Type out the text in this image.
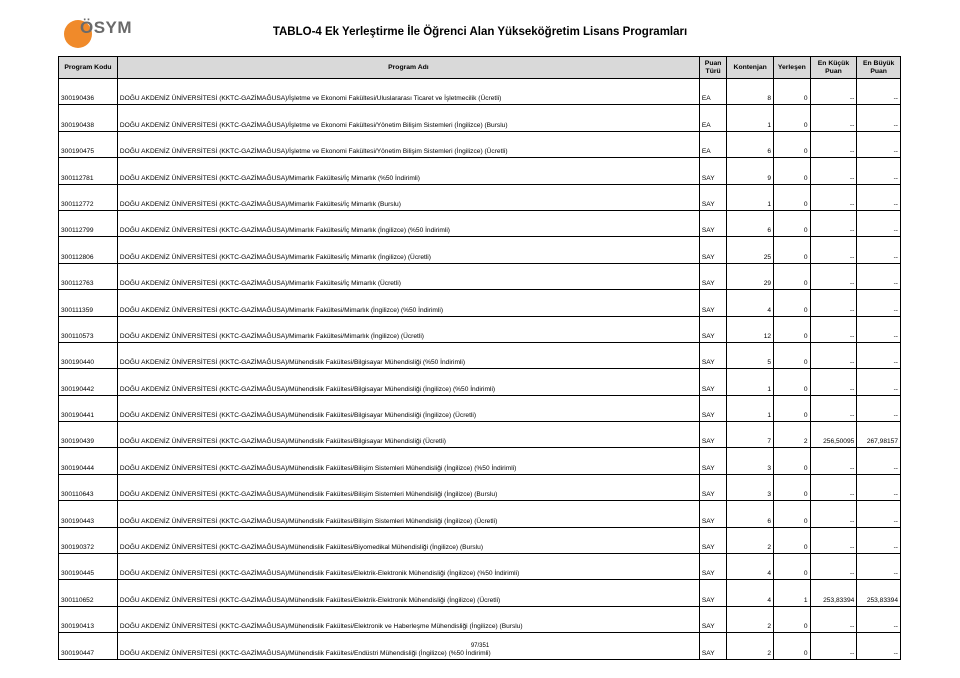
ÖSYM	TABLO-4 Ek Yerleştirme İle Öğrenci Alan Yükseköğretim Lisans Programları
Program Kodu	Program Adı	Puan Türü	Kontenjan	Yerleşen	En Küçük Puan	En Büyük Puan
300190436	DOĞU AKDENİZ ÜNİVERSİTESİ (KKTC-GAZİMAĞUSA)/İşletme ve Ekonomi Fakültesi/Uluslararası Ticaret ve İşletmecilik (Ücretli)	EA	8	0	--	--
300190438	DOĞU AKDENİZ ÜNİVERSİTESİ (KKTC-GAZİMAĞUSA)/İşletme ve Ekonomi Fakültesi/Yönetim Bilişim Sistemleri (İngilizce) (Burslu)	EA	1	0	--	--
300190475	DOĞU AKDENİZ ÜNİVERSİTESİ (KKTC-GAZİMAĞUSA)/İşletme ve Ekonomi Fakültesi/Yönetim Bilişim Sistemleri (İngilizce) (Ücretli)	EA	6	0	--	--
300112781	DOĞU AKDENİZ ÜNİVERSİTESİ (KKTC-GAZİMAĞUSA)/Mimarlık Fakültesi/İç Mimarlık (%50 İndirimli)	SAY	9	0	--	--
300112772	DOĞU AKDENİZ ÜNİVERSİTESİ (KKTC-GAZİMAĞUSA)/Mimarlık Fakültesi/İç Mimarlık (Burslu)	SAY	1	0	--	--
300112799	DOĞU AKDENİZ ÜNİVERSİTESİ (KKTC-GAZİMAĞUSA)/Mimarlık Fakültesi/İç Mimarlık (İngilizce) (%50 İndirimli)	SAY	6	0	--	--
300112806	DOĞU AKDENİZ ÜNİVERSİTESİ (KKTC-GAZİMAĞUSA)/Mimarlık Fakültesi/İç Mimarlık (İngilizce) (Ücretli)	SAY	25	0	--	--
300112763	DOĞU AKDENİZ ÜNİVERSİTESİ (KKTC-GAZİMAĞUSA)/Mimarlık Fakültesi/İç Mimarlık (Ücretli)	SAY	29	0	--	--
300111359	DOĞU AKDENİZ ÜNİVERSİTESİ (KKTC-GAZİMAĞUSA)/Mimarlık Fakültesi/Mimarlık (İngilizce) (%50 İndirimli)	SAY	4	0	--	--
300110573	DOĞU AKDENİZ ÜNİVERSİTESİ (KKTC-GAZİMAĞUSA)/Mimarlık Fakültesi/Mimarlık (İngilizce) (Ücretli)	SAY	12	0	--	--
300190440	DOĞU AKDENİZ ÜNİVERSİTESİ (KKTC-GAZİMAĞUSA)/Mühendislik Fakültesi/Bilgisayar Mühendisliği (%50 İndirimli)	SAY	5	0	--	--
300190442	DOĞU AKDENİZ ÜNİVERSİTESİ (KKTC-GAZİMAĞUSA)/Mühendislik Fakültesi/Bilgisayar Mühendisliği (İngilizce) (%50 İndirimli)	SAY	1	0	--	--
300190441	DOĞU AKDENİZ ÜNİVERSİTESİ (KKTC-GAZİMAĞUSA)/Mühendislik Fakültesi/Bilgisayar Mühendisliği (İngilizce) (Ücretli)	SAY	1	0	--	--
300190439	DOĞU AKDENİZ ÜNİVERSİTESİ (KKTC-GAZİMAĞUSA)/Mühendislik Fakültesi/Bilgisayar Mühendisliği (Ücretli)	SAY	7	2	256,50095	267,98157
300190444	DOĞU AKDENİZ ÜNİVERSİTESİ (KKTC-GAZİMAĞUSA)/Mühendislik Fakültesi/Bilişim Sistemleri Mühendisliği (İngilizce) (%50 İndirimli)	SAY	3	0	--	--
300110643	DOĞU AKDENİZ ÜNİVERSİTESİ (KKTC-GAZİMAĞUSA)/Mühendislik Fakültesi/Bilişim Sistemleri Mühendisliği (İngilizce) (Burslu)	SAY	3	0	--	--
300190443	DOĞU AKDENİZ ÜNİVERSİTESİ (KKTC-GAZİMAĞUSA)/Mühendislik Fakültesi/Bilişim Sistemleri Mühendisliği (İngilizce) (Ücretli)	SAY	6	0	--	--
300190372	DOĞU AKDENİZ ÜNİVERSİTESİ (KKTC-GAZİMAĞUSA)/Mühendislik Fakültesi/Biyomedikal Mühendisliği (İngilizce) (Burslu)	SAY	2	0	--	--
300190445	DOĞU AKDENİZ ÜNİVERSİTESİ (KKTC-GAZİMAĞUSA)/Mühendislik Fakültesi/Elektrik-Elektronik Mühendisliği (İngilizce) (%50 İndirimli)	SAY	4	0	--	--
300110652	DOĞU AKDENİZ ÜNİVERSİTESİ (KKTC-GAZİMAĞUSA)/Mühendislik Fakültesi/Elektrik-Elektronik Mühendisliği (İngilizce) (Ücretli)	SAY	4	1	253,83394	253,83394
300190413	DOĞU AKDENİZ ÜNİVERSİTESİ (KKTC-GAZİMAĞUSA)/Mühendislik Fakültesi/Elektronik ve Haberleşme Mühendisliği (İngilizce) (Burslu)	SAY	2	0	--	--
300190447	DOĞU AKDENİZ ÜNİVERSİTESİ (KKTC-GAZİMAĞUSA)/Mühendislik Fakültesi/Endüstri Mühendisliği (İngilizce) (%50 İndirimli)	SAY	2	0	--	--
97/351
